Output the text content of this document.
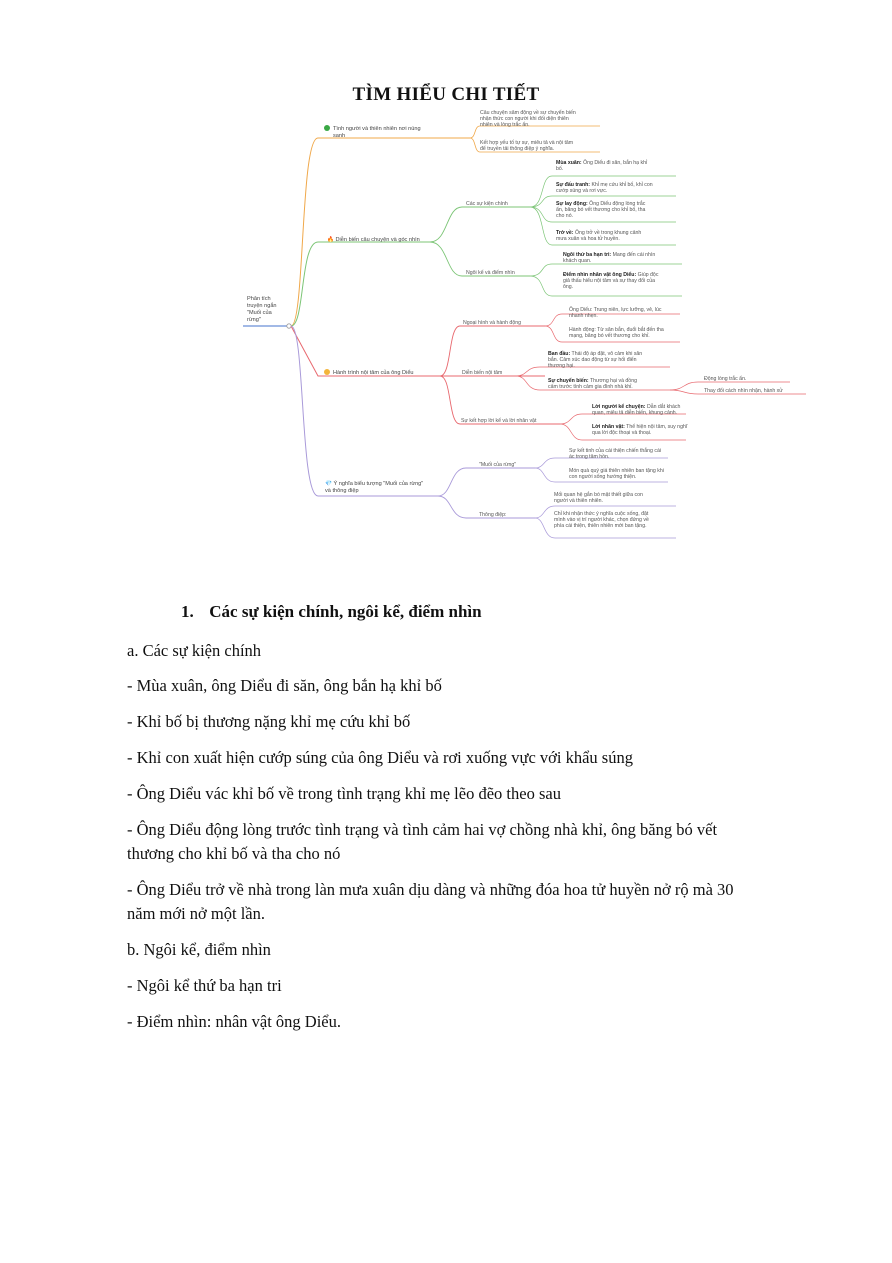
TÌM HIỂU CHI TIẾT
Phân tích truyện ngắn "Muối của rừng"
Tình người và thiên nhiên nơi núng sanh
Câu chuyện sâm động về sự chuyển biến nhận thức con người khi đối diện thiên nhiên và lòng trắc ẩn.
Kết hợp yếu tố tự sự, miêu tả và nội tâm để truyền tải thông điệp ý nghĩa.
🔥 Diễn biến câu chuyện và góc nhìn
Các sự kiện chính
Ngôi kể và điểm nhìn
Mùa xuân: Ông Diểu đi săn, bắn hạ khỉ bố.
Sự đấu tranh: Khỉ mẹ cứu khỉ bố, khỉ con cướp súng và rơi vực.
Sự lay động: Ông Diểu động lòng trắc ẩn, băng bó vết thương cho khỉ bố, tha cho nó.
Trở về: Ông trở về trong khung cảnh mưa xuân và hoa tử huyền.
Ngôi thứ ba hạn tri: Mang đến cái nhìn khách quan.
Điểm nhìn nhân vật ông Diểu: Giúp độc giả thấu hiểu nội tâm và sự thay đổi của ông.
Hành trình nội tâm của ông Diểu
Ngoại hình và hành động
Diễn biến nội tâm
Sự kết hợp lời kể và lời nhân vật
Ông Diểu: Trung niên, lực lưỡng, vẻ, lúc nhanh nhẹn.
Hành động: Từ săn bắn, đuổi bắt đến tha mạng, băng bó vết thương cho khỉ.
Ban đầu: Thái độ áp đặt, vô cảm khi săn bắn. Cảm xúc dao động từ sự hối điển thương hại.
Sự chuyển biến: Thương hại và đồng cảm trước tình cảm gia đình nhà khỉ.
Động lòng trắc ẩn.
Thay đổi cách nhìn nhận, hành xử
Lời người kể chuyện: Dẫn dắt khách quan, miêu tả diễn biến, khung cảnh.
Lời nhân vật: Thể hiện nội tâm, suy nghĩ qua lời độc thoại và thoại.
💎 Ý nghĩa biểu tượng "Muối của rừng" và thông điệp
"Muối của rừng"
Thông điệp:
Sự kết tinh của cái thiện chiến thắng cái ác trong tâm hồn.
Món quà quý giá thiên nhiên ban tặng khi con người sống hướng thiện.
Mối quan hệ gắn bó mật thiết giữa con người và thiên nhiên.
Chỉ khi nhận thức ý nghĩa cuộc sống, đặt mình vào vị trí người khác, chọn đứng về phía cái thiện, thiên nhiên mới ban tặng.
1. Các sự kiện chính, ngôi kể, điểm nhìn
a. Các sự kiện chính
- Mùa xuân, ông Diểu đi săn, ông bắn hạ khỉ bố
- Khỉ bố bị thương nặng khỉ mẹ cứu khỉ bố
- Khỉ con xuất hiện cướp súng của ông Diểu và rơi xuống vực với khẩu súng
- Ông Diểu vác khỉ bố về trong tình trạng khỉ mẹ lẽo đẽo theo sau
- Ông Diểu động lòng trước tình trạng và tình cảm hai vợ chồng nhà khỉ, ông băng bó vết
thương cho khỉ bố và tha cho nó
- Ông Diểu trở về nhà trong làn mưa xuân dịu dàng và những đóa hoa tử huyền nở rộ mà 30
năm mới nở một lần.
b. Ngôi kể, điểm nhìn
- Ngôi kể thứ ba hạn tri
- Điểm nhìn: nhân vật ông Diểu.
